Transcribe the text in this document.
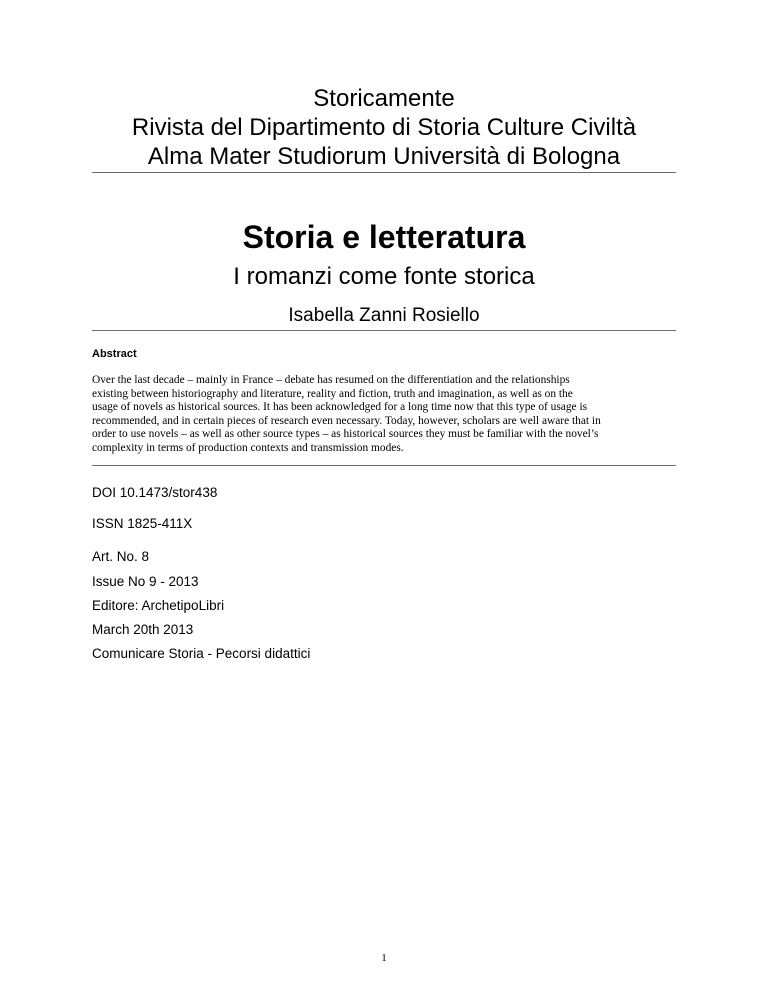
Storicamente
Rivista del Dipartimento di Storia Culture Civiltà
Alma Mater Studiorum Università di Bologna
Storia e letteratura
I romanzi come fonte storica
Isabella Zanni Rosiello
Abstract
Over the last decade – mainly in France – debate has resumed on the differentiation and the relationships
existing between historiography and literature, reality and fiction, truth and imagination, as well as on the
usage of novels as historical sources. It has been acknowledged for a long time now that this type of usage is
recommended, and in certain pieces of research even necessary. Today, however, scholars are well aware that in
order to use novels – as well as other source types – as historical sources they must be familiar with the novel’s
complexity in terms of production contexts and transmission modes.
DOI 10.1473/stor438
ISSN 1825-411X
Art. No. 8
Issue No 9 - 2013
Editore: ArchetipoLibri
March 20th 2013
Comunicare Storia - Pecorsi didattici
1
